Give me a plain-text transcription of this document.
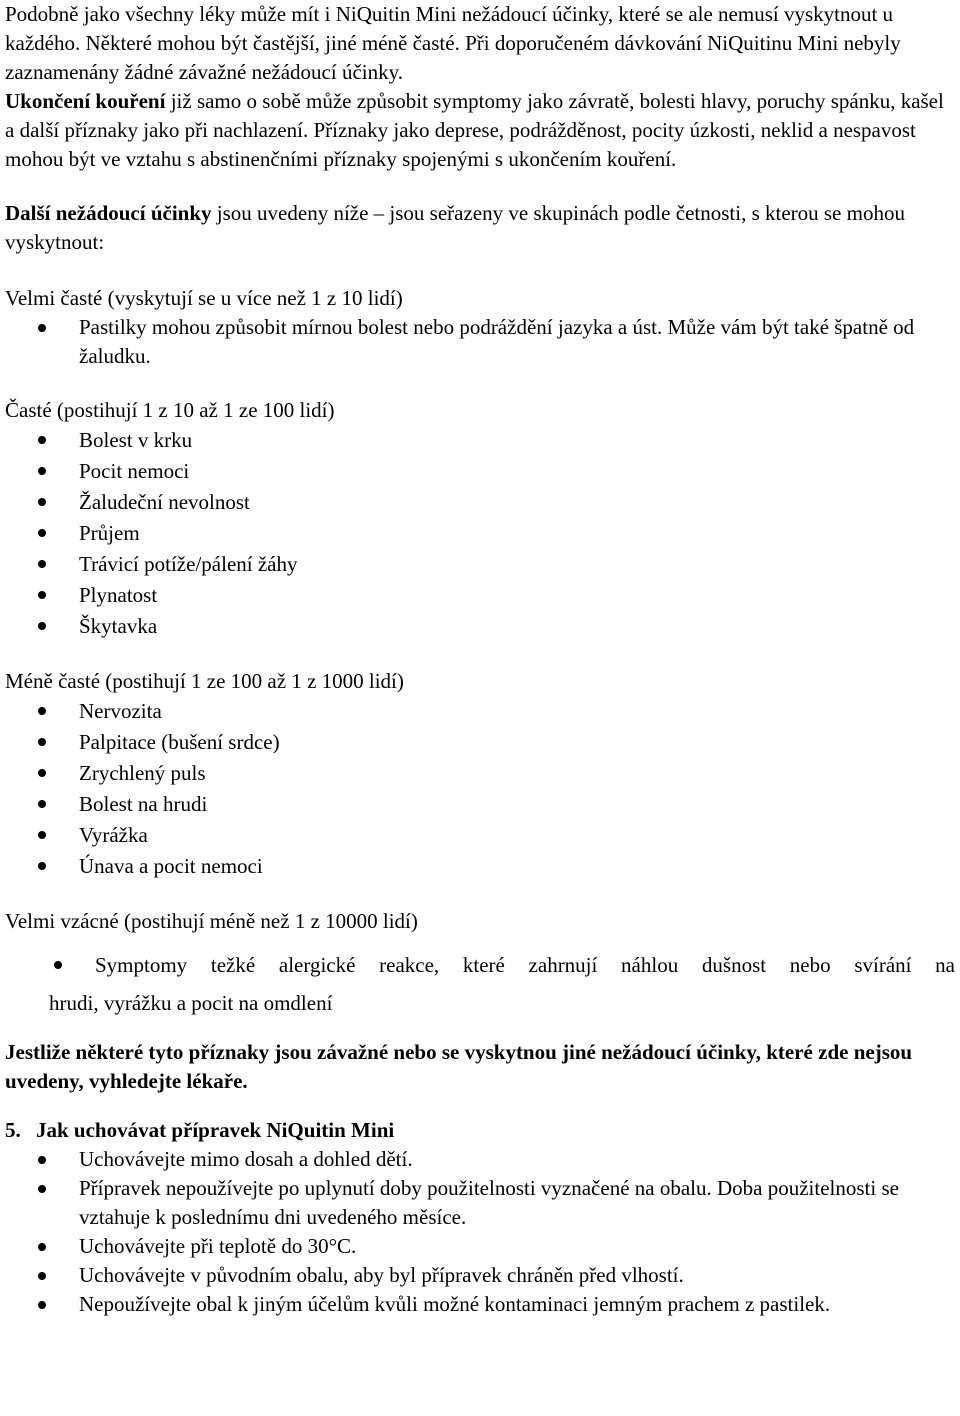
Podobně jako všechny léky může mít i NiQuitin Mini nežádoucí účinky, které se ale nemusí vyskytnout u každého. Některé mohou být častější, jiné méně časté. Při doporučeném dávkování NiQuitinu Mini nebyly zaznamenány žádné závažné nežádoucí účinky.

Ukončení kouření již samo o sobě může způsobit symptomy jako závratě, bolesti hlavy, poruchy spánku, kašel a další příznaky jako při nachlazení. Příznaky jako deprese, podrážděnost, pocity úzkosti, neklid a nespavost mohou být ve vztahu s abstinenčními příznaky spojenými s ukončením kouření.

Další nežádoucí účinky jsou uvedeny níže – jsou seřazeny ve skupinách podle četnosti, s kterou se mohou vyskytnout:

Velmi časté (vyskytují se u více než 1 z 10 lidí)

Pastilky mohou způsobit mírnou bolest nebo podráždění jazyka a úst. Může vám být také špatně od žaludku.

Časté (postihují 1 z 10 až 1 ze 100 lidí)

Bolest v krku
Pocit nemoci
Žaludeční nevolnost
Průjem
Trávicí potíže/pálení žáhy
Plynatost
Škytavka

Méně časté (postihují 1 ze 100 až 1 z 1000 lidí)

Nervozita
Palpitace (bušení srdce)
Zrychlený puls
Bolest na hrudi
Vyrážka
Únava a pocit nemoci

Velmi vzácné (postihují méně než 1 z 10000 lidí)

Symptomy težké alergické reakce, které zahrnují náhlou dušnost nebo svírání na

hrudi, vyrážku a pocit na omdlení

Jestliže některé tyto příznaky jsou závažné nebo se vyskytnou jiné nežádoucí účinky, které zde nejsou uvedeny, vyhledejte lékaře.

5. Jak uchovávat přípravek NiQuitin Mini

Uchovávejte mimo dosah a dohled dětí.
Přípravek nepoužívejte po uplynutí doby použitelnosti vyznačené na obalu. Doba použitelnosti se vztahuje k poslednímu dni uvedeného měsíce.
Uchovávejte při teplotě do 30°C.
Uchovávejte v původním obalu, aby byl přípravek chráněn před vlhostí.
Nepoužívejte obal k jiným účelům kvůli možné kontaminaci jemným prachem z pastilek.
